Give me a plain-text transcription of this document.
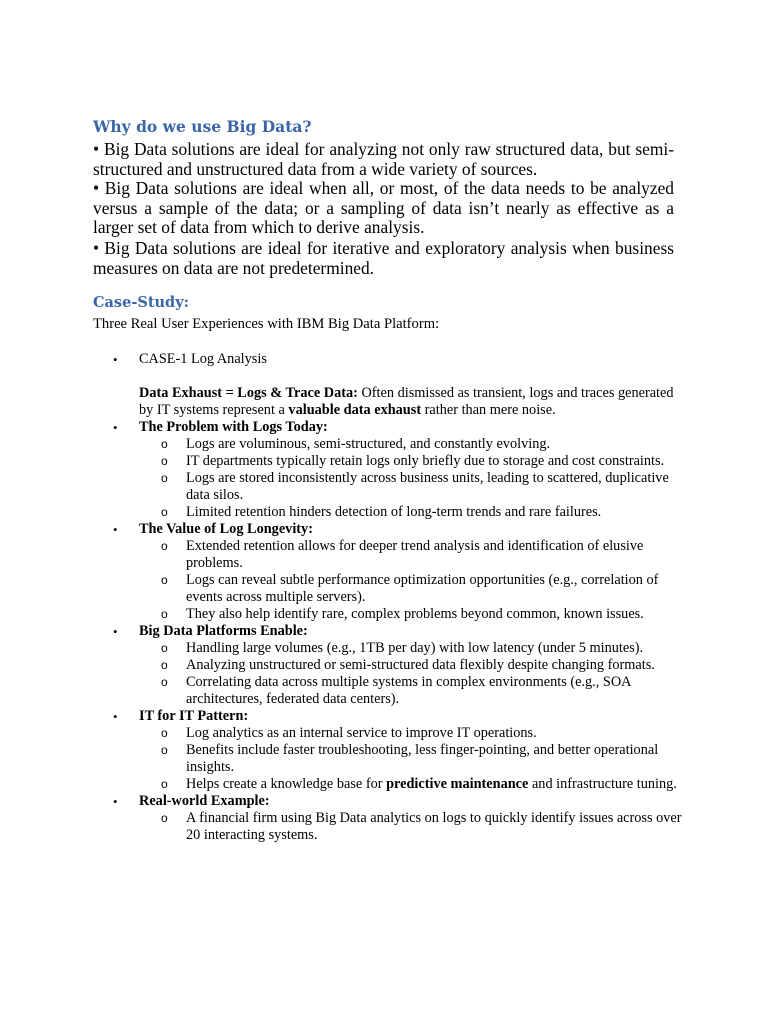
Why do we use Big Data?

• Big Data solutions are ideal for analyzing not only raw structured data, but semi-structured and unstructured data from a wide variety of sources.

• Big Data solutions are ideal when all, or most, of the data needs to be analyzed versus a sample of the data; or a sampling of data isn’t nearly as effective as a larger set of data from which to derive analysis.

• Big Data solutions are ideal for iterative and exploratory analysis when business measures on data are not predetermined.

Case-Study:
Three Real User Experiences with IBM Big Data Platform:
• CASE-1 Log Analysis
Data Exhaust = Logs & Trace Data: Often dismissed as transient, logs and traces generated by IT systems represent a valuable data exhaust rather than mere noise.
• The Problem with Logs Today:
o Logs are voluminous, semi-structured, and constantly evolving.
o IT departments typically retain logs only briefly due to storage and cost constraints.
o Logs are stored inconsistently across business units, leading to scattered, duplicative data silos.
o Limited retention hinders detection of long-term trends and rare failures.
• The Value of Log Longevity:
o Extended retention allows for deeper trend analysis and identification of elusive problems.
o Logs can reveal subtle performance optimization opportunities (e.g., correlation of events across multiple servers).
o They also help identify rare, complex problems beyond common, known issues.
• Big Data Platforms Enable:
o Handling large volumes (e.g., 1TB per day) with low latency (under 5 minutes).
o Analyzing unstructured or semi-structured data flexibly despite changing formats.
o Correlating data across multiple systems in complex environments (e.g., SOA architectures, federated data centers).
• IT for IT Pattern:
o Log analytics as an internal service to improve IT operations.
o Benefits include faster troubleshooting, less finger-pointing, and better operational insights.
o Helps create a knowledge base for predictive maintenance and infrastructure tuning.
• Real-world Example:
o A financial firm using Big Data analytics on logs to quickly identify issues across over 20 interacting systems.
